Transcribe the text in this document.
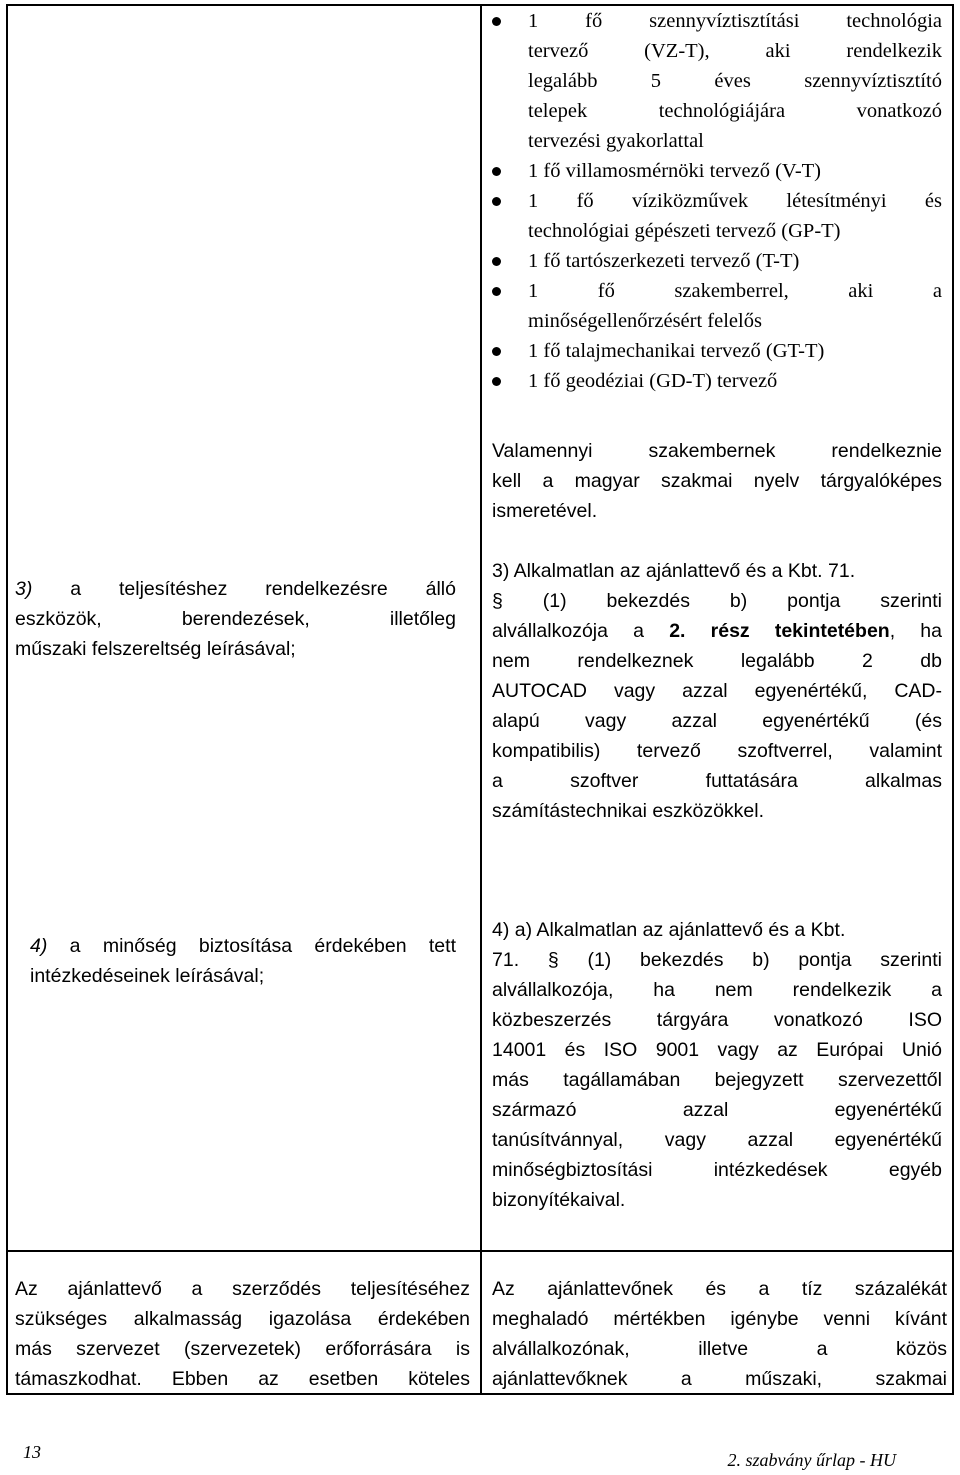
1 fő szennyvíztisztítási technológia
tervező (VZ-T), aki rendelkezik
legalább 5 éves szennyvíztisztító
telepek technológiájára vonatkozó
tervezési gyakorlattal
1 fő villamosmérnöki tervező (V-T)
1 fő víziközművek létesítményi és
technológiai gépészeti tervező (GP-T)
1 fő tartószerkezeti tervező (T-T)
1 fő szakemberrel, aki a
minőségellenőrzésért felelős
1 fő talajmechanikai tervező (GT-T)
1 fő geodéziai (GD-T) tervező
Valamennyi szakembernek rendelkeznie
kell a magyar szakmai nyelv tárgyalóképes
ismeretével.
3) a teljesítéshez rendelkezésre álló
eszközök, berendezések, illetőleg
műszaki felszereltség leírásával;
3) Alkalmatlan az ajánlattevő és a Kbt. 71.
§ (1) bekezdés b) pontja szerinti
alvállalkozója a 2. rész tekintetében, ha
nem rendelkeznek legalább 2 db
AUTOCAD vagy azzal egyenértékű, CAD-
alapú vagy azzal egyenértékű (és
kompatibilis) tervező szoftverrel, valamint
a szoftver futtatására alkalmas
számítástechnikai eszközökkel.
4) a minőség biztosítása érdekében tett
intézkedéseinek leírásával;
4) a) Alkalmatlan az ajánlattevő és a Kbt.
71. § (1) bekezdés b) pontja szerinti
alvállalkozója, ha nem rendelkezik a
közbeszerzés tárgyára vonatkozó ISO
14001 és ISO 9001 vagy az Európai Unió
más tagállamában bejegyzett szervezettől
származó azzal egyenértékű
tanúsítvánnyal, vagy azzal egyenértékű
minőségbiztosítási intézkedések egyéb
bizonyítékaival.
Az ajánlattevő a szerződés teljesítéséhez
szükséges alkalmasság igazolása érdekében
más szervezet (szervezetek) erőforrására is
támaszkodhat. Ebben az esetben köteles
Az ajánlattevőnek és a tíz százalékát
meghaladó mértékben igénybe venni kívánt
alvállalkozónak, illetve a közös
ajánlattevőknek a műszaki, szakmai
13	2. szabvány űrlap - HU
